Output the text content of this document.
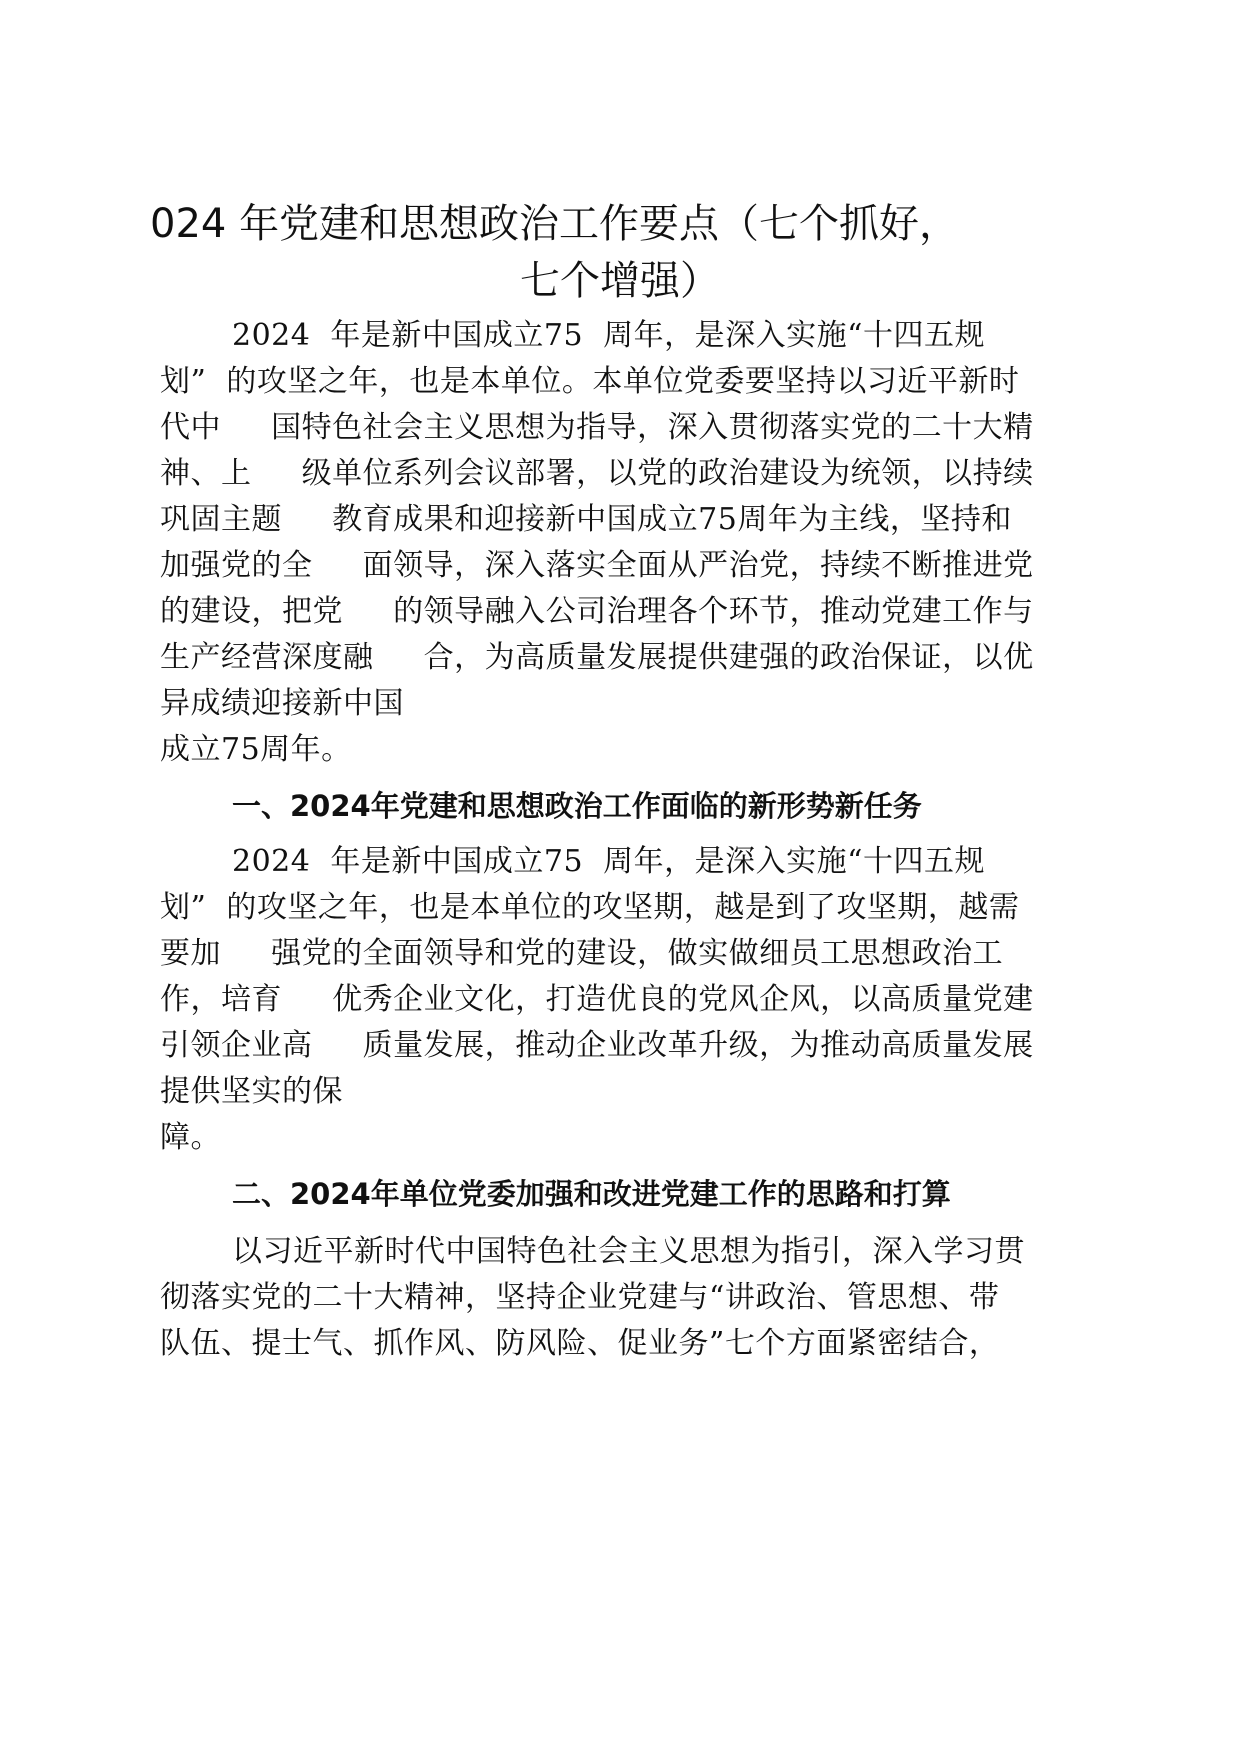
024 年党建和思想政治工作要点（七个抓好，
七个增强）
2024  年是新中国成立75  周年，是深入实施“十四五规
划”  的攻坚之年，也是本单位。本单位党委要坚持以习近平新时
代中     国特色社会主义思想为指导，深入贯彻落实党的二十大精
神、上     级单位系列会议部署，以党的政治建设为统领，以持续
巩固主题     教育成果和迎接新中国成立75周年为主线，坚持和
加强党的全     面领导，深入落实全面从严治党，持续不断推进党
的建设，把党     的领导融入公司治理各个环节，推动党建工作与
生产经营深度融     合，为高质量发展提供建强的政治保证，以优
异成绩迎接新中国
成立75周年。
一、2024年党建和思想政治工作面临的新形势新任务
2024  年是新中国成立75  周年，是深入实施“十四五规
划”  的攻坚之年，也是本单位的攻坚期，越是到了攻坚期，越需
要加     强党的全面领导和党的建设，做实做细员工思想政治工
作，培育     优秀企业文化，打造优良的党风企风，以高质量党建
引领企业高     质量发展，推动企业改革升级，为推动高质量发展
提供坚实的保
障。
二、2024年单位党委加强和改进党建工作的思路和打算
以习近平新时代中国特色社会主义思想为指引，深入学习贯
彻落实党的二十大精神，坚持企业党建与“讲政治、管思想、带
队伍、提士气、抓作风、防风险、促业务”七个方面紧密结合，
